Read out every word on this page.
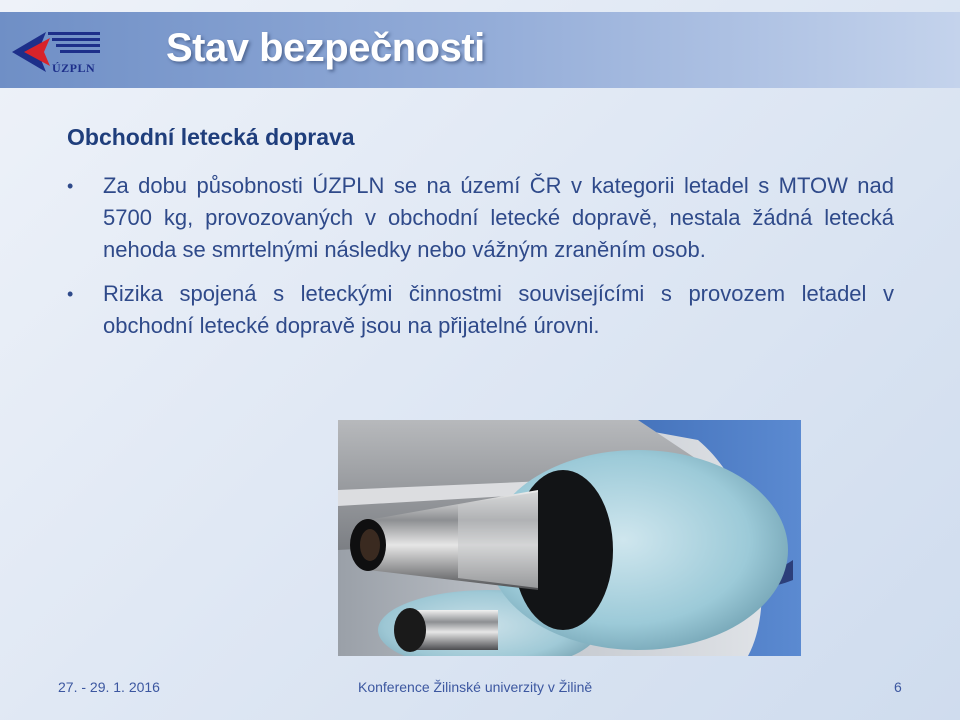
ÚZPLN Stav bezpečnosti
Obchodní letecká doprava
• Za dobu působnosti ÚZPLN se na území ČR v kategorii letadel s MTOW nad 5700 kg, provozovaných v obchodní letecké dopravě, nestala žádná letecká nehoda se smrtelnými následky nebo vážným zraněním osob.
• Rizika spojená s leteckými činnostmi souvisejícími s provozem letadel v obchodní letecké dopravě jsou na přijatelné úrovni.
27. - 29. 1. 2016	Konference Žilinské univerzity v Žilině	6
